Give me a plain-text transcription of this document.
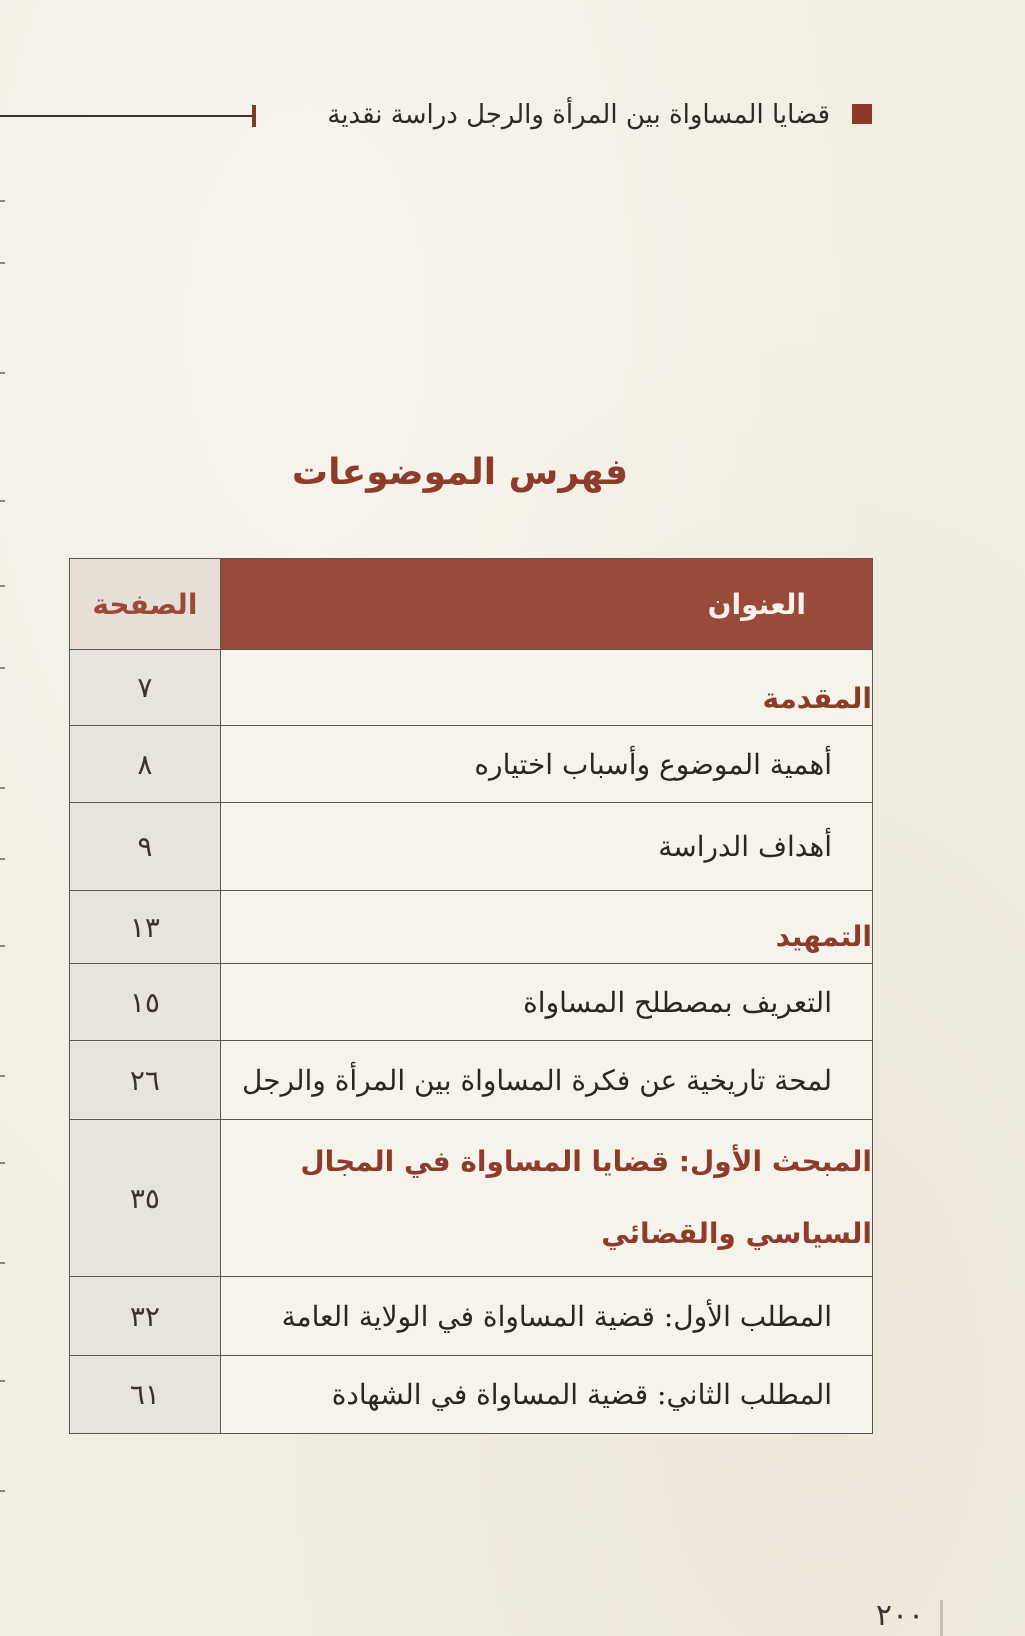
قضايا المساواة بين المرأة والرجل دراسة نقدية
فهرس الموضوعات
العنوان	الصفحة
المقدمة	٧
أهمية الموضوع وأسباب اختياره	٨
أهداف الدراسة	٩
التمهيد	١٣
التعريف بمصطلح المساواة	١٥
لمحة تاريخية عن فكرة المساواة بين المرأة والرجل	٢٦
المبحث الأول: قضايا المساواة في المجال السياسي والقضائي	٣٥
المطلب الأول: قضية المساواة في الولاية العامة	٣٢
المطلب الثاني: قضية المساواة في الشهادة	٦١
٢٠٠
